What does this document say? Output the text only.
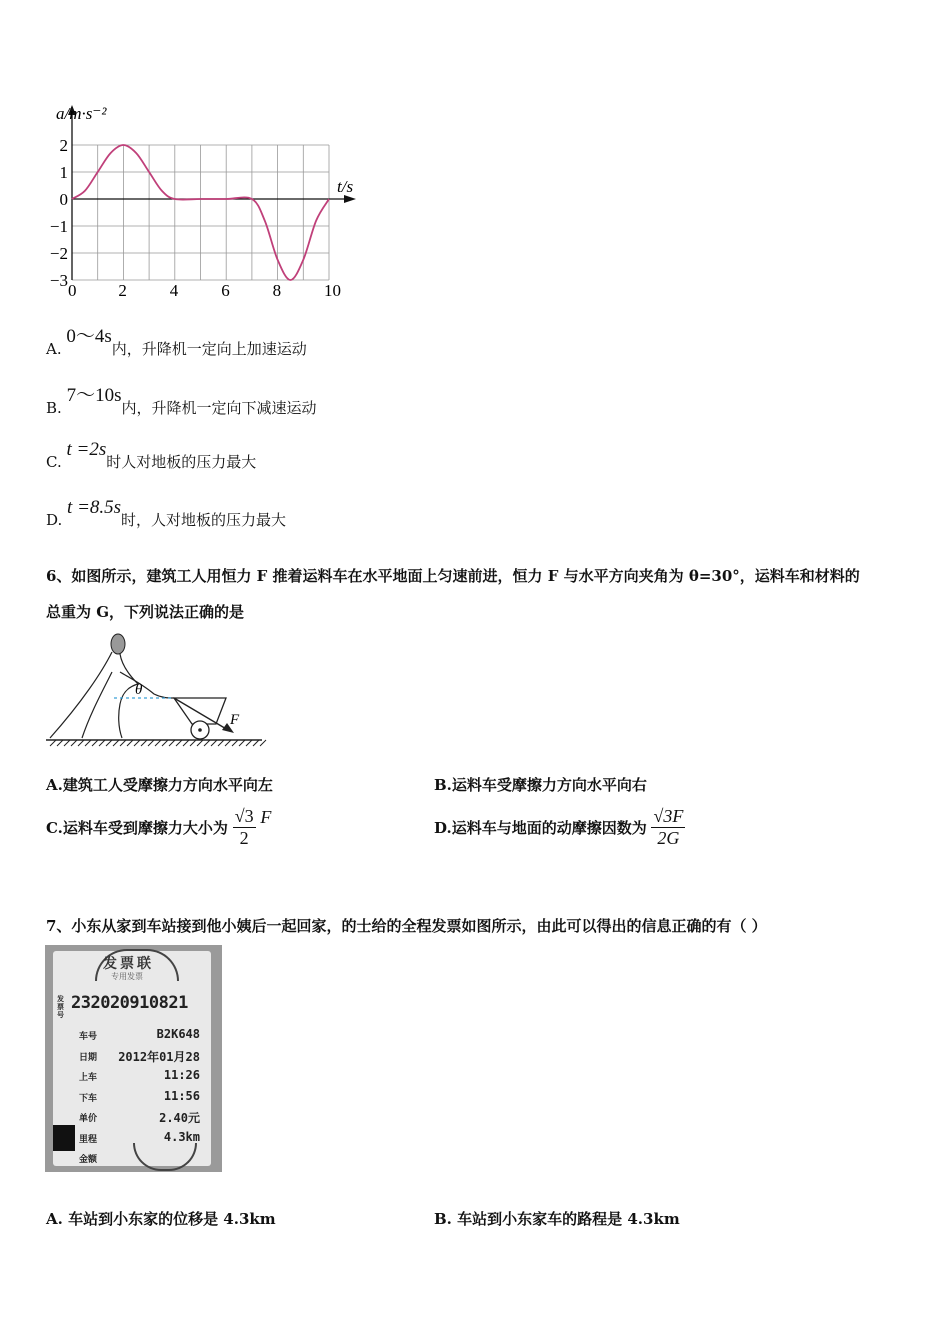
0 2	4	6	8	10
2
1
0
−1
−2
−3
a/m·s⁻²
t/s
A. 0～4s内，升降机一定向上加速运动
B. 7～10s内，升降机一定向下减速运动
C. t =2s时人对地板的压力最大
D. t =8.5s时，人对地板的压力最大
6、如图所示，建筑工人用恒力 F 推着运料车在水平地面上匀速前进，恒力 F 与水平方向夹角为 θ=30°，运料车和材料的
总重为 G，下列说法正确的是
θ
F
A.建筑工人受摩擦力方向水平向左	B.运料车受摩擦力方向水平向右
C.运料车受到摩擦力大小为 $\frac{√3}{2}$ F
D.运料车与地面的动摩擦因数为 $\frac{√3F}{2G}$
7、小东从家到车站接到他小姨后一起回家，的士给的全程发票如图所示，由此可以得出的信息正确的有（ ）
发票联
专用发票
发票号
232020910821
车号	B2K648
日期 2012年01月28
上车	11:26
下车	11:56
单价	2.40元
里程	4.3km
金额
A. 车站到小东家的位移是 4.3km	B. 车站到小东家车的路程是 4.3km
